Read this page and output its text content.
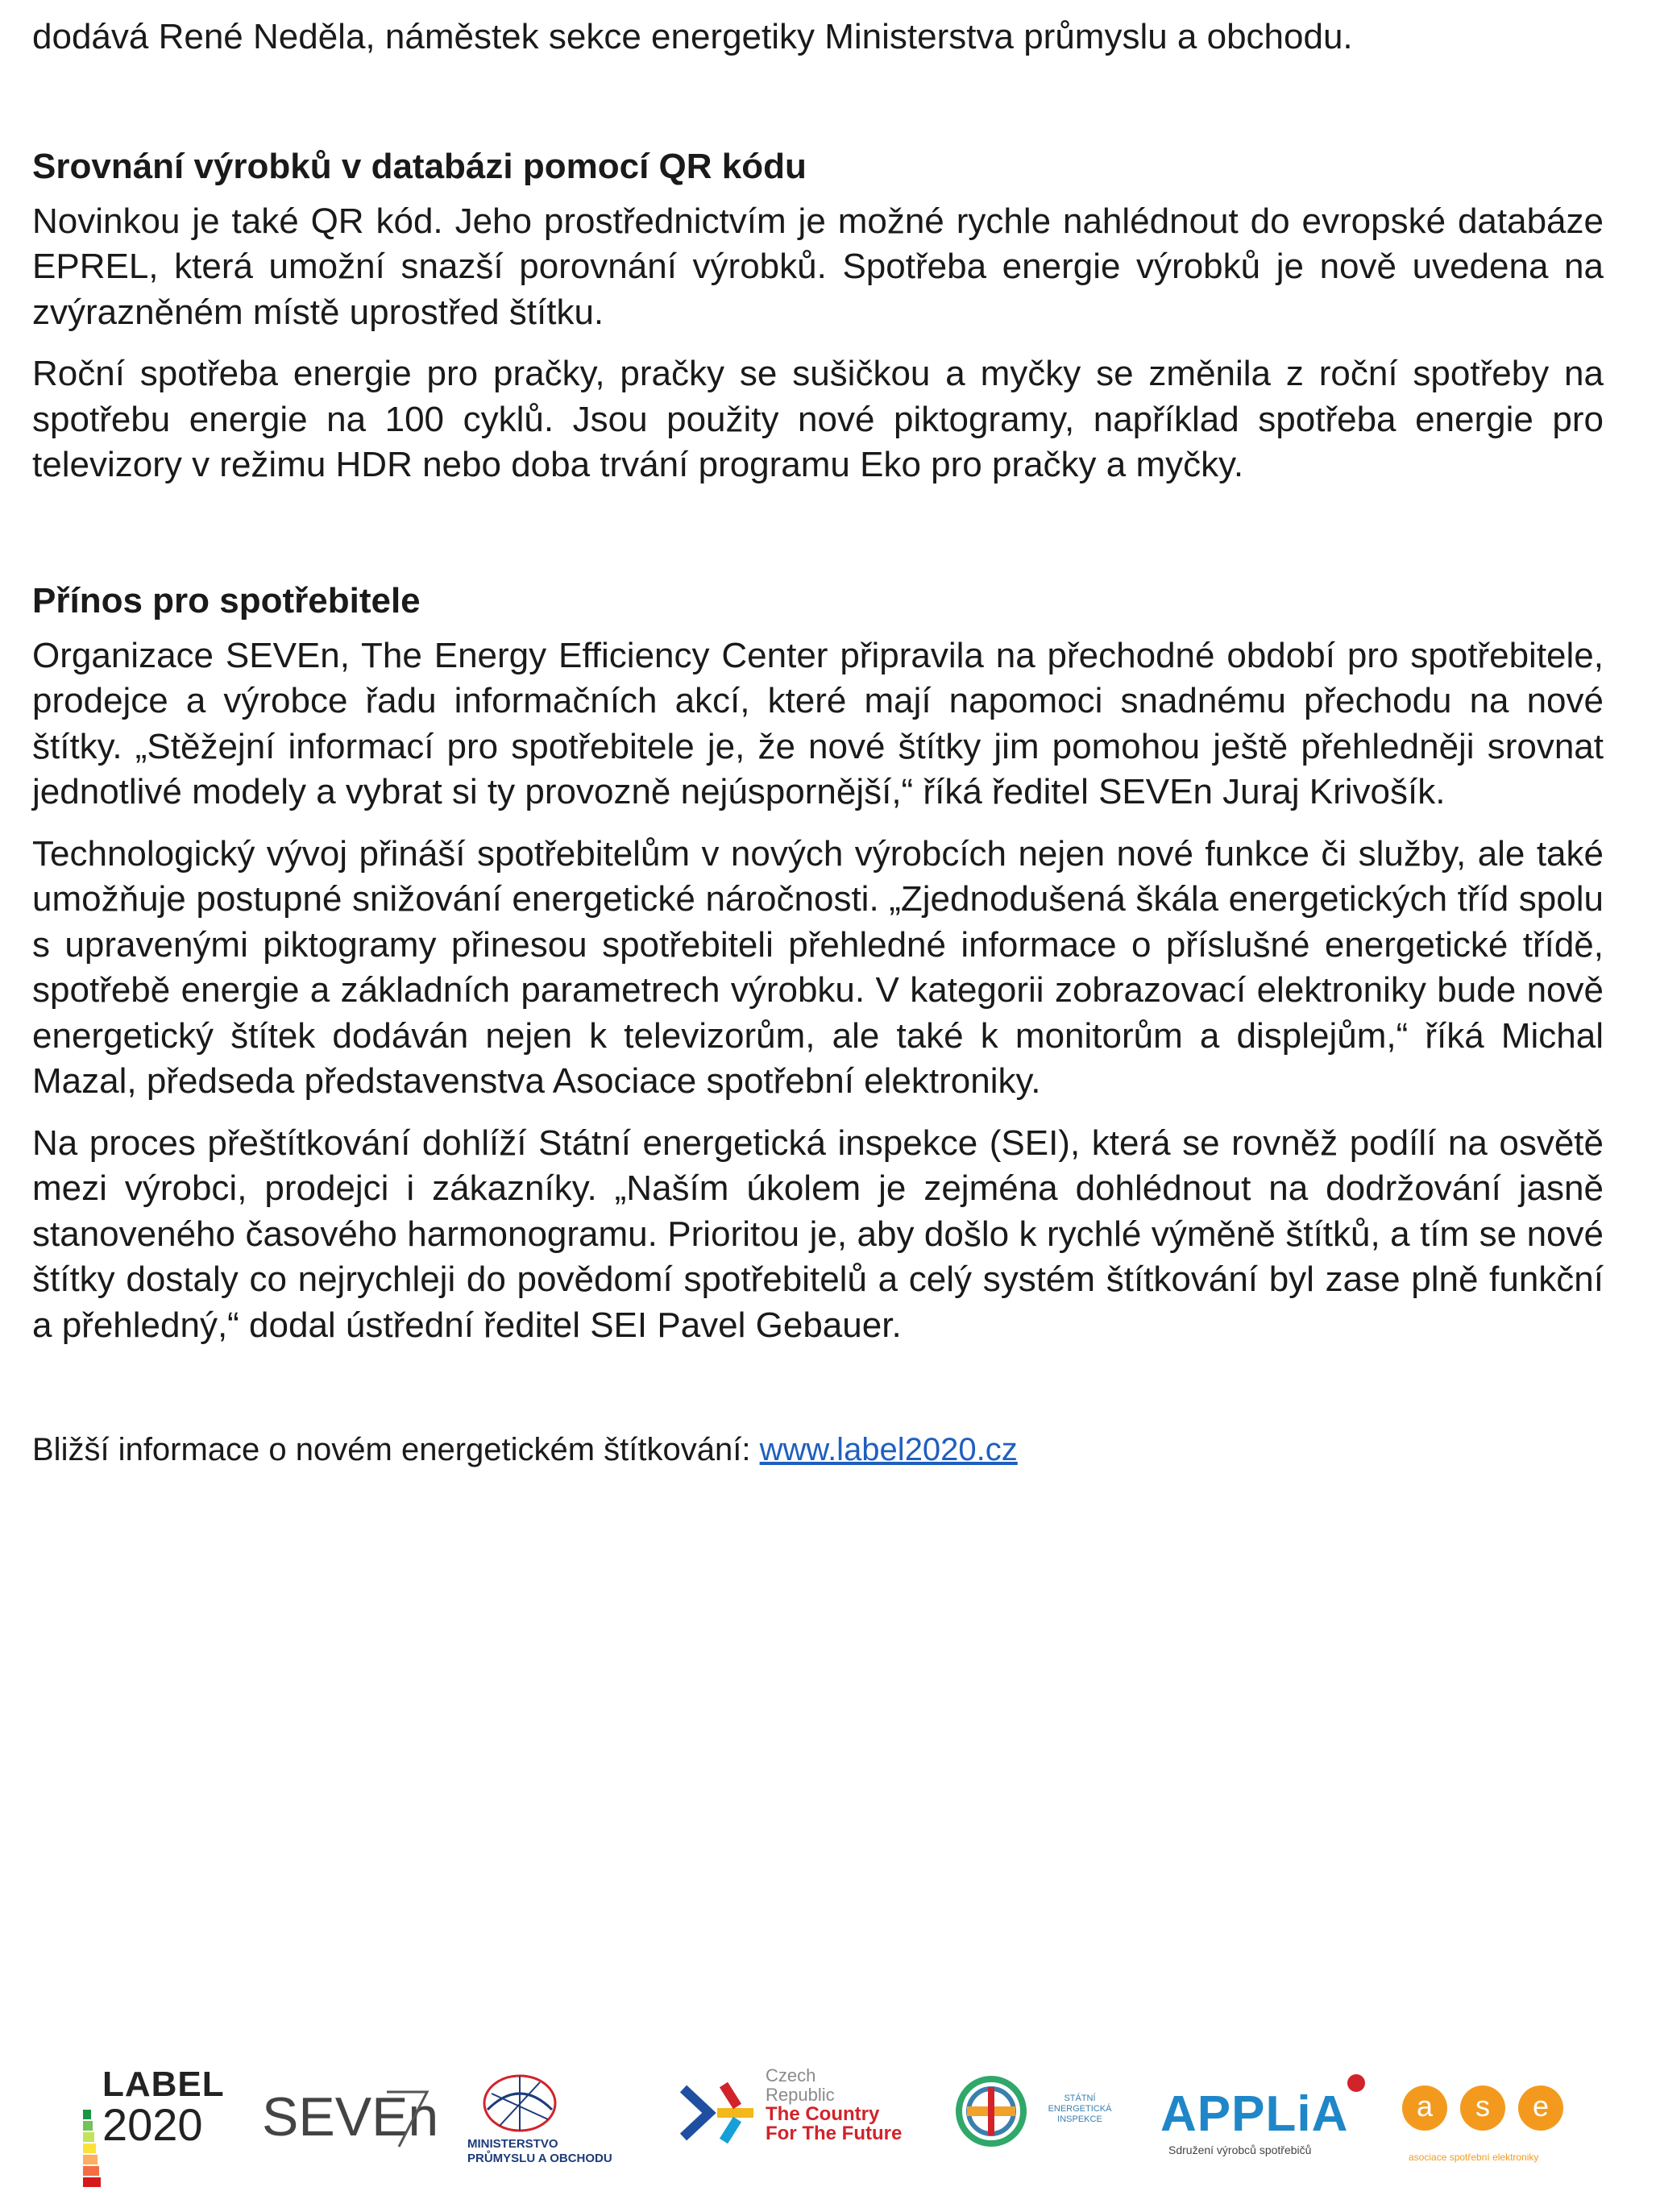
dodává René Neděla, náměstek sekce energetiky Ministerstva průmyslu a obchodu.

Srovnání výrobků v databázi pomocí QR kódu

Novinkou je také QR kód. Jeho prostřednictvím je možné rychle nahlédnout do evropské databáze EPREL, která umožní snazší porovnání výrobků. Spotřeba energie výrobků je nově uvedena na zvýrazněném místě uprostřed štítku.

Roční spotřeba energie pro pračky, pračky se sušičkou a myčky se změnila z roční spotřeby na spotřebu energie na 100 cyklů. Jsou použity nové piktogramy, například spotřeba energie pro televizory v režimu HDR nebo doba trvání programu Eko pro pračky a myčky.

Přínos pro spotřebitele

Organizace SEVEn, The Energy Efficiency Center připravila na přechodné období pro spotřebitele, prodejce a výrobce řadu informačních akcí, které mají napomoci snadnému přechodu na nové štítky. „Stěžejní informací pro spotřebitele je, že nové štítky jim pomohou ještě přehledněji srovnat jednotlivé modely a vybrat si ty provozně nejúspornější,“ říká ředitel SEVEn Juraj Krivošík.

Technologický vývoj přináší spotřebitelům v nových výrobcích nejen nové funkce či služby, ale také umožňuje postupné snižování energetické náročnosti. „Zjednodušená škála energetických tříd spolu s upravenými piktogramy přinesou spotřebiteli přehledné informace o příslušné energetické třídě, spotřebě energie a základních parametrech výrobku. V kategorii zobrazovací elektroniky bude nově energetický štítek dodáván nejen k televizorům, ale také k monitorům a displejům,“ říká Michal Mazal, předseda představenstva Asociace spotřební elektroniky.

Na proces přeštítkování dohlíží Státní energetická inspekce (SEI), která se rovněž podílí na osvětě mezi výrobci, prodejci i zákazníky. „Naším úkolem je zejména dohlédnout na dodržování jasně stanoveného časového harmonogramu. Prioritou je, aby došlo k rychlé výměně štítků, a tím se nové štítky dostaly co nejrychleji do povědomí spotřebitelů a celý systém štítkování byl zase plně funkční a přehledný,“ dodal ústřední ředitel SEI Pavel Gebauer.

Bližší informace o novém energetickém štítkování: www.label2020.cz

LABEL
2020 SEVEn MINISTERSTVO
PRŮMYSLU A OBCHODU
Czech
Republic
The Country
For The Future
STÁTNÍ ENERGETICKÁ INSPEKCE	APPLiA
Sdružení výrobců spotřebičů
a	s	e
asociace spotřební elektroniky
